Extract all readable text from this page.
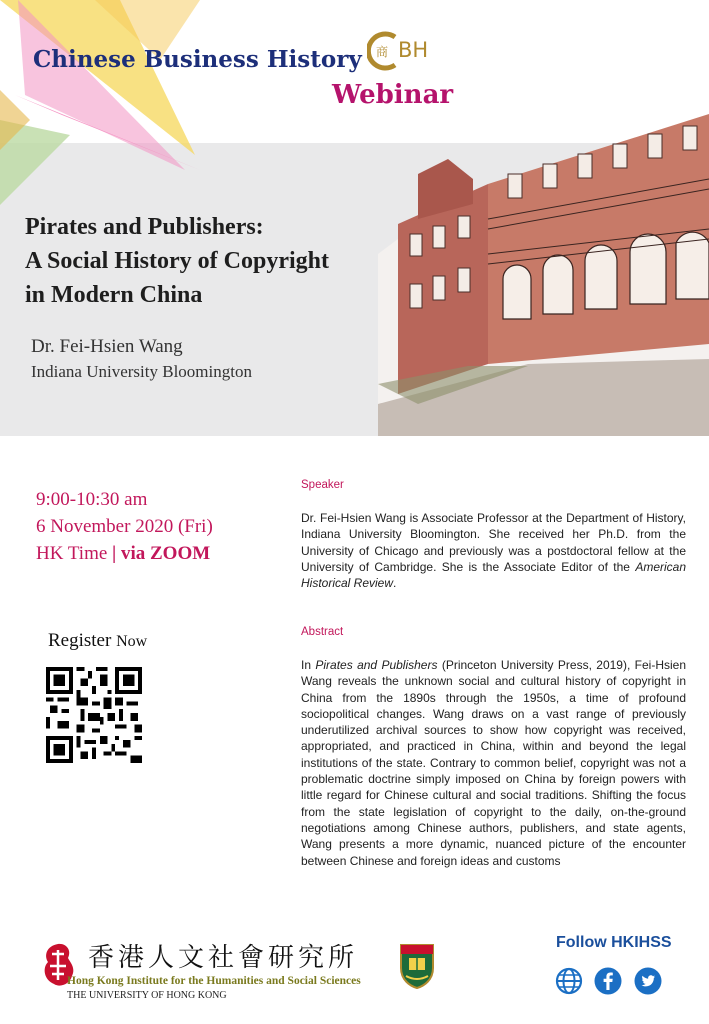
Chinese Business History 商 BH
Webinar
Pirates and Publishers:
A Social History of Copyright
in Modern China
Dr. Fei-Hsien Wang
Indiana University Bloomington
9:00-10:30 am
6 November 2020 (Fri)
HK Time | via ZOOM
Register Now
Speaker
Dr. Fei-Hsien Wang is Associate Professor at the Department of History, Indiana University Bloomington. She received her Ph.D. from the University of Chicago and previously was a postdoctoral fellow at the University of Cambridge. She is the Associate Editor of the American Historical Review.
Abstract
In Pirates and Publishers (Princeton University Press, 2019), Fei-Hsien Wang reveals the unknown social and cultural history of copyright in China from the 1890s through the 1950s, a time of profound sociopolitical changes. Wang draws on a vast range of previously underutilized archival sources to show how copyright was received, appropriated, and practiced in China, within and beyond the legal institutions of the state. Contrary to common belief, copyright was not a problematic doctrine simply imposed on China by foreign powers with little regard for Chinese cultural and social traditions. Shifting the focus from the state legislation of copyright to the daily, on-the-ground negotiations among Chinese authors, publishers, and state agents, Wang presents a more dynamic, nuanced picture of the encounter between Chinese and foreign ideas and customs
香港人文社會研究所
Hong Kong Institute for the Humanities and Social Sciences
THE UNIVERSITY OF HONG KONG
Follow HKIHSS
